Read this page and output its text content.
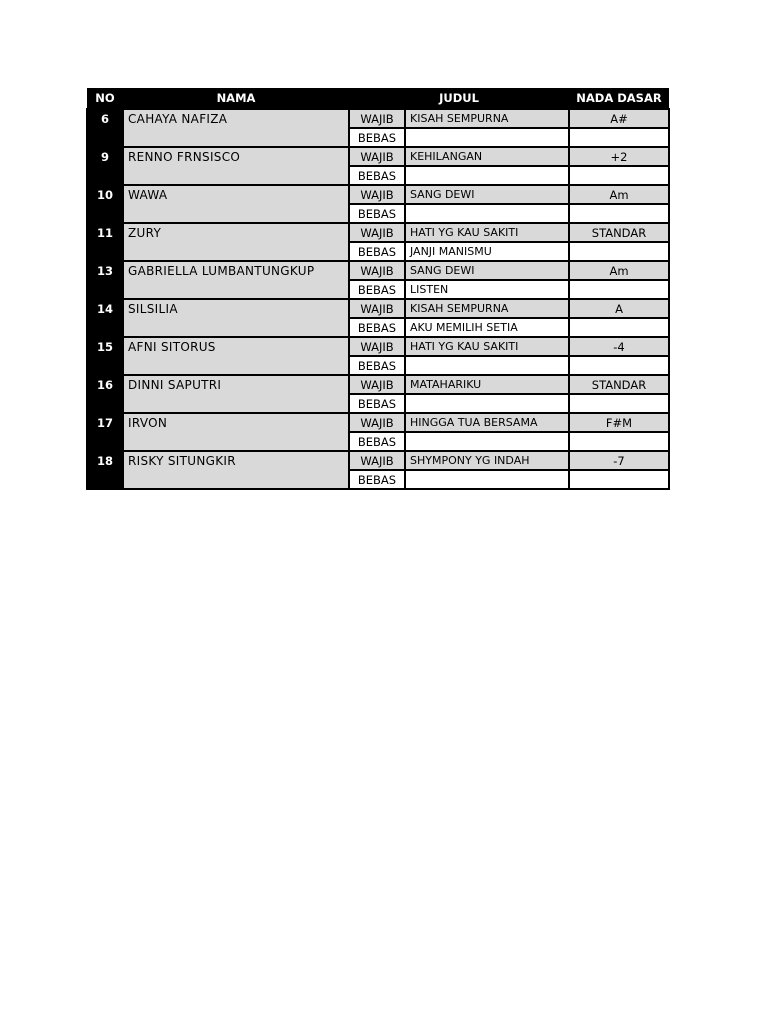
NO	NAMA	JUDUL		NADA DASAR
6	CAHAYA NAFIZA	WAJIB	KISAH SEMPURNA	A#
		BEBAS		
9	RENNO FRNSISCO	WAJIB	KEHILANGAN	+2
		BEBAS		
10	WAWA	WAJIB	SANG DEWI	Am
		BEBAS		
11	ZURY	WAJIB	HATI YG KAU SAKITI	STANDAR
		BEBAS	JANJI MANISMU	
13	GABRIELLA LUMBANTUNGKUP	WAJIB	SANG DEWI	Am
		BEBAS	LISTEN	
14	SILSILIA	WAJIB	KISAH SEMPURNA	A
		BEBAS	AKU MEMILIH SETIA	
15	AFNI SITORUS	WAJIB	HATI YG KAU SAKITI	-4
		BEBAS		
16	DINNI SAPUTRI	WAJIB	MATAHARIKU	STANDAR
		BEBAS		
17	IRVON	WAJIB	HINGGA TUA BERSAMA	F#M
		BEBAS		
18	RISKY SITUNGKIR	WAJIB	SHYMPONY YG INDAH	-7
		BEBAS		
